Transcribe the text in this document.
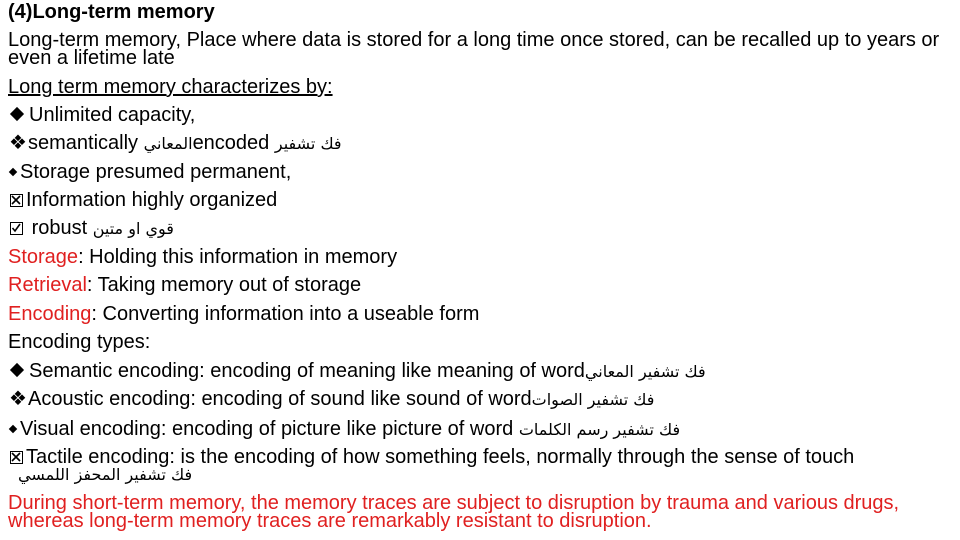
(4)Long-term memory
Long-term memory, Place where data is stored for a long time once stored, can be recalled up to years or even a lifetime late
Long term memory characterizes by:
Unlimited capacity,
❖semantically المعانيencoded فك تشفير
Storage presumed permanent,
Information highly organized
robust قوي او متين
Storage: Holding this information in memory
Retrieval: Taking memory out of storage
Encoding: Converting information into a useable form
Encoding types:
Semantic encoding: encoding of meaning like meaning of wordفك تشفير المعاني
❖Acoustic encoding: encoding of sound like sound of wordفك تشفير الصوات
Visual encoding: encoding of picture like picture of word فك تشفير رسم الكلمات
Tactile encoding: is the encoding of how something feels, normally through the sense of touch
فك تشفير المحفز اللمسي
During short-term memory, the memory traces are subject to disruption by trauma and various drugs, whereas long-term memory traces are remarkably resistant to disruption.
